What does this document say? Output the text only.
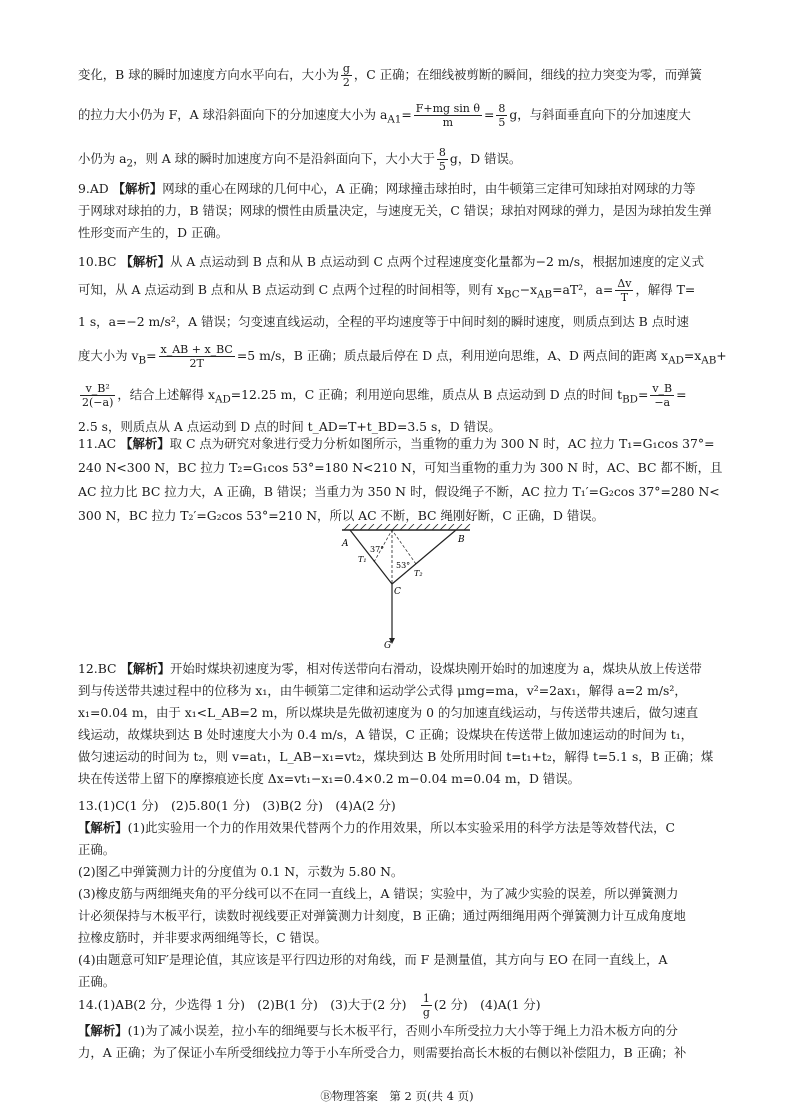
变化，B 球的瞬时加速度方向水平向右，大小为 $\frac{g}{2}$ ，C 正确；在细线被剪断的瞬间，细线的拉力突变为零，而弹簧
的拉力大小仍为 F，A 球沿斜面向下的分加速度大小为 $a_{A1}= \frac{\text{F+mg sin θ}}{m} = \frac{8}{5}$ g，与斜面垂直向下的分加速度大
小仍为 $a_2$，则 A 球的瞬时加速度方向不是沿斜面向下，大小大于 $\frac{8}{5}$ g，D 错误。
9.AD 【解析】网球的重心在网球的几何中心，A 正确；网球撞击球拍时，由牛顿第三定律可知球拍对网球的力等
于网球对球拍的力，B 错误；网球的惯性由质量决定，与速度无关，C 错误；球拍对网球的弹力，是因为球拍发生弹
性形变而产生的，D 正确。
10.BC 【解析】从 A 点运动到 B 点和从 B 点运动到 C 点两个过程速度变化量都为−2 m/s，根据加速度的定义式
可知，从 A 点运动到 B 点和从 B 点运动到 C 点两个过程的时间相等，则有 $x_{BC}-x_{AB}=aT^2$，$a= \frac{\Delta v}{T}$ ，解得 T=
1 s，a=−2 m/s²，A 错误；匀变速直线运动，全程的平均速度等于中间时刻的瞬时速度，则质点到达 B 点时速
度大小为 $v_B= \frac{x\_AB + x\_BC}{2T} =5$ m/s，B 正确；质点最后停在 D 点，利用逆向思维，A、D 两点间的距离 $x_{AD}=x_{AB}+$
$\frac{\text{v\_B²}}{2(-a)}$ ，结合上述解得 $x_{AD}=12.25$ m，C 正确；利用逆向思维，质点从 B 点运动到 D 点的时间 $t_{BD}= \frac{v\_B}{-a}$ =
2.5 s，则质点从 A 点运动到 D 点的时间 t_AD=T+t_BD=3.5 s，D 错误。
11.AC 【解析】取 C 点为研究对象进行受力分析如图所示，当重物的重力为 300 N 时，AC 拉力 T₁=G₁cos 37°=
240 N<300 N，BC 拉力 T₂=G₁cos 53°=180 N<210 N，可知当重物的重力为 300 N 时，AC、BC 都不断，且
AC 拉力比 BC 拉力大，A 正确，B 错误；当重力为 350 N 时，假设绳子不断，AC 拉力 T₁′=G₂cos 37°=280 N<
300 N，BC 拉力 T₂′=G₂cos 53°=210 N，所以 AC 不断，BC 绳刚好断，C 正确，D 错误。
A	B
C
G
T₁
T₂
37°
53°
12.BC 【解析】开始时煤块初速度为零，相对传送带向右滑动，设煤块刚开始时的加速度为 a，煤块从放上传送带
到与传送带共速过程中的位移为 x₁，由牛顿第二定律和运动学公式得 μmg=ma，v²=2ax₁，解得 a=2 m/s²，
x₁=0.04 m，由于 x₁<L_AB=2 m，所以煤块是先做初速度为 0 的匀加速直线运动，与传送带共速后，做匀速直
线运动，故煤块到达 B 处时速度大小为 0.4 m/s，A 错误，C 正确；设煤块在传送带上做加速运动的时间为 t₁，
做匀速运动的时间为 t₂，则 v=at₁，L_AB−x₁=vt₂，煤块到达 B 处所用时间 t=t₁+t₂，解得 t=5.1 s，B 正确；煤
块在传送带上留下的摩擦痕迹长度 Δx=vt₁−x₁=0.4×0.2 m−0.04 m=0.04 m，D 错误。
13.(1)C(1 分)　(2)5.80(1 分)　(3)B(2 分)　(4)A(2 分)
【解析】(1)此实验用一个力的作用效果代替两个力的作用效果，所以本实验采用的科学方法是等效替代法，C
正确。
(2)图乙中弹簧测力计的分度值为 0.1 N，示数为 5.80 N。
(3)橡皮筋与两细绳夹角的平分线可以不在同一直线上，A 错误；实验中，为了减少实验的误差，所以弹簧测力
计必须保持与木板平行，读数时视线要正对弹簧测力计刻度，B 正确；通过两细绳用两个弹簧测力计互成角度地
拉橡皮筋时，并非要求两细绳等长，C 错误。
(4)由题意可知F′是理论值，其应该是平行四边形的对角线，而 F 是测量值，其方向与 EO 在同一直线上，A
正确。
14.(1)AB(2 分，少选得 1 分)　(2)B(1 分)　(3)大于(2 分)　 $\frac{1}{g} (2$ 分)　(4)A(1 分)
【解析】(1)为了减小误差，拉小车的细绳要与长木板平行，否则小车所受拉力大小等于绳上力沿木板方向的分
力，A 正确；为了保证小车所受细线拉力等于小车所受合力，则需要抬高长木板的右侧以补偿阻力，B 正确；补
Ⓑ物理答案　第 2 页(共 4 页)
